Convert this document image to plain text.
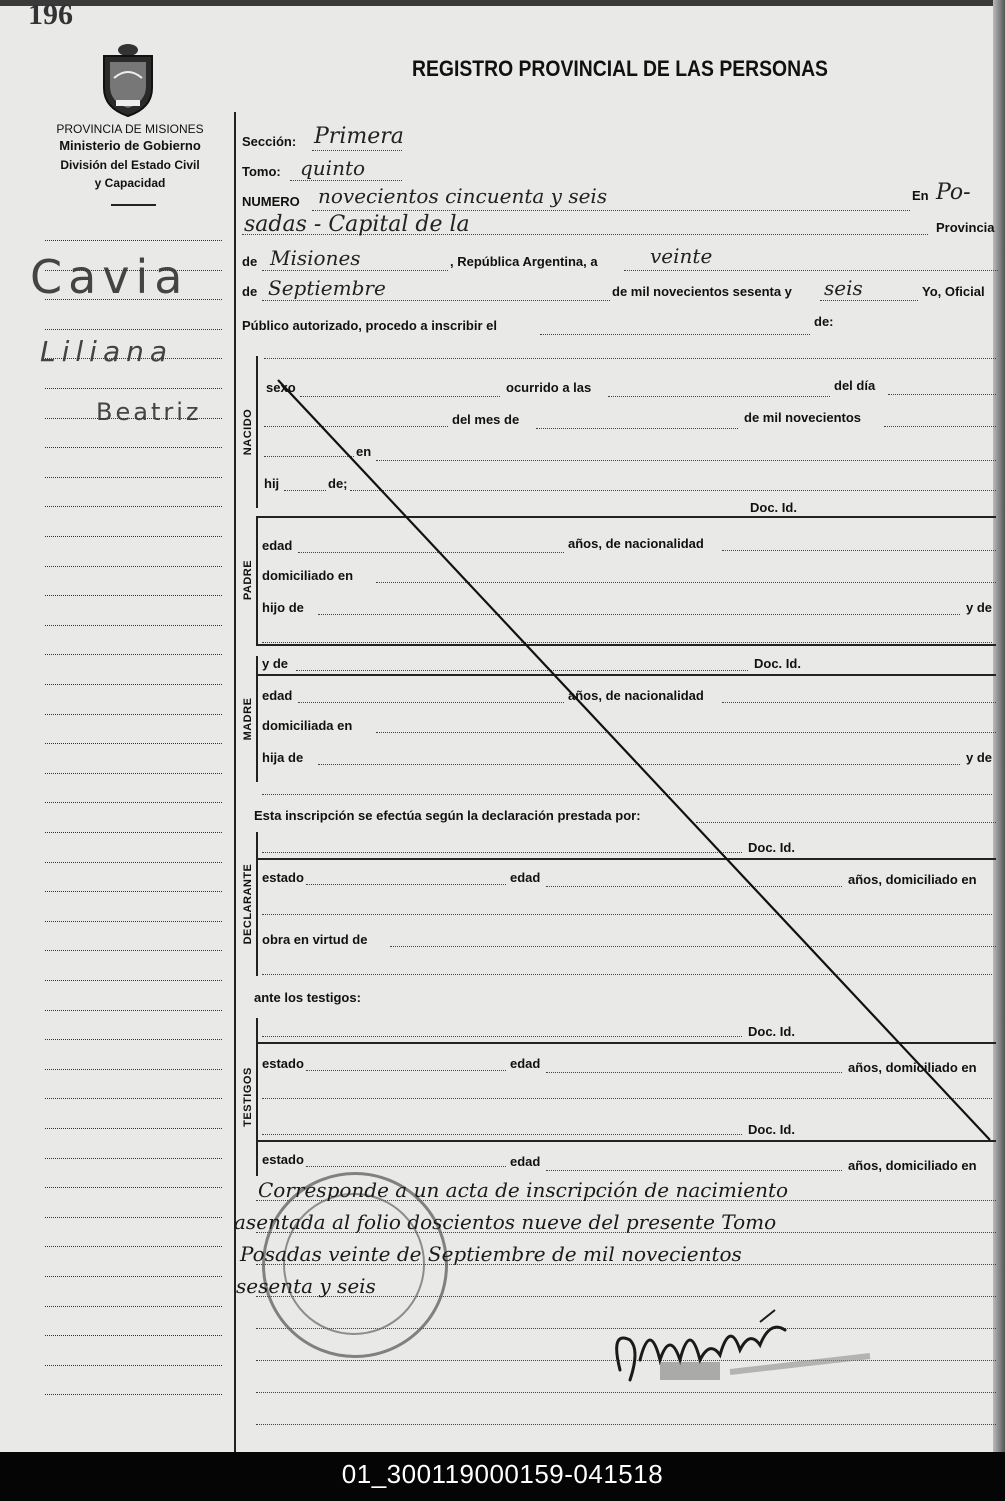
196
REGISTRO PROVINCIAL DE LAS PERSONAS
PROVINCIA DE MISIONES
Ministerio de Gobierno
División del Estado Civil
y Capacidad
Cavia
Liliana
Beatriz
Sección: Primera
Tomo: quinto
NUMERO novecientos cincuenta y seis	En Po-
sadas - Capital de la	Provincia
de Misiones	, República Argentina, a	veinte
de Septiembre	de mil novecientos sesenta y seis	Yo, Oficial
Público autorizado, procedo a inscribir el	de:
NACIDO
sexo	ocurrido a las	del día
del mes de	de mil novecientos
en
hij	de;
Doc. Id.
PADRE
edad	años, de nacionalidad
domiciliado en
hijo de	y de
MADRE
y de	Doc. Id.
edad	años, de nacionalidad
domiciliada en
hija de	y de
Esta inscripción se efectúa según la declaración prestada por:
DECLARANTE
Doc. Id.
estado	edad	años, domiciliado en
obra en virtud de
ante los testigos:
TESTIGOS
Doc. Id.
estado	edad	años, domiciliado en
Doc. Id.
estado	edad	años, domiciliado en
Corresponde a un acta de inscripción de nacimiento
asentada al folio doscientos nueve del presente Tomo
Posadas veinte de Septiembre de mil novecientos
sesenta y seis
01_300119000159-041518
